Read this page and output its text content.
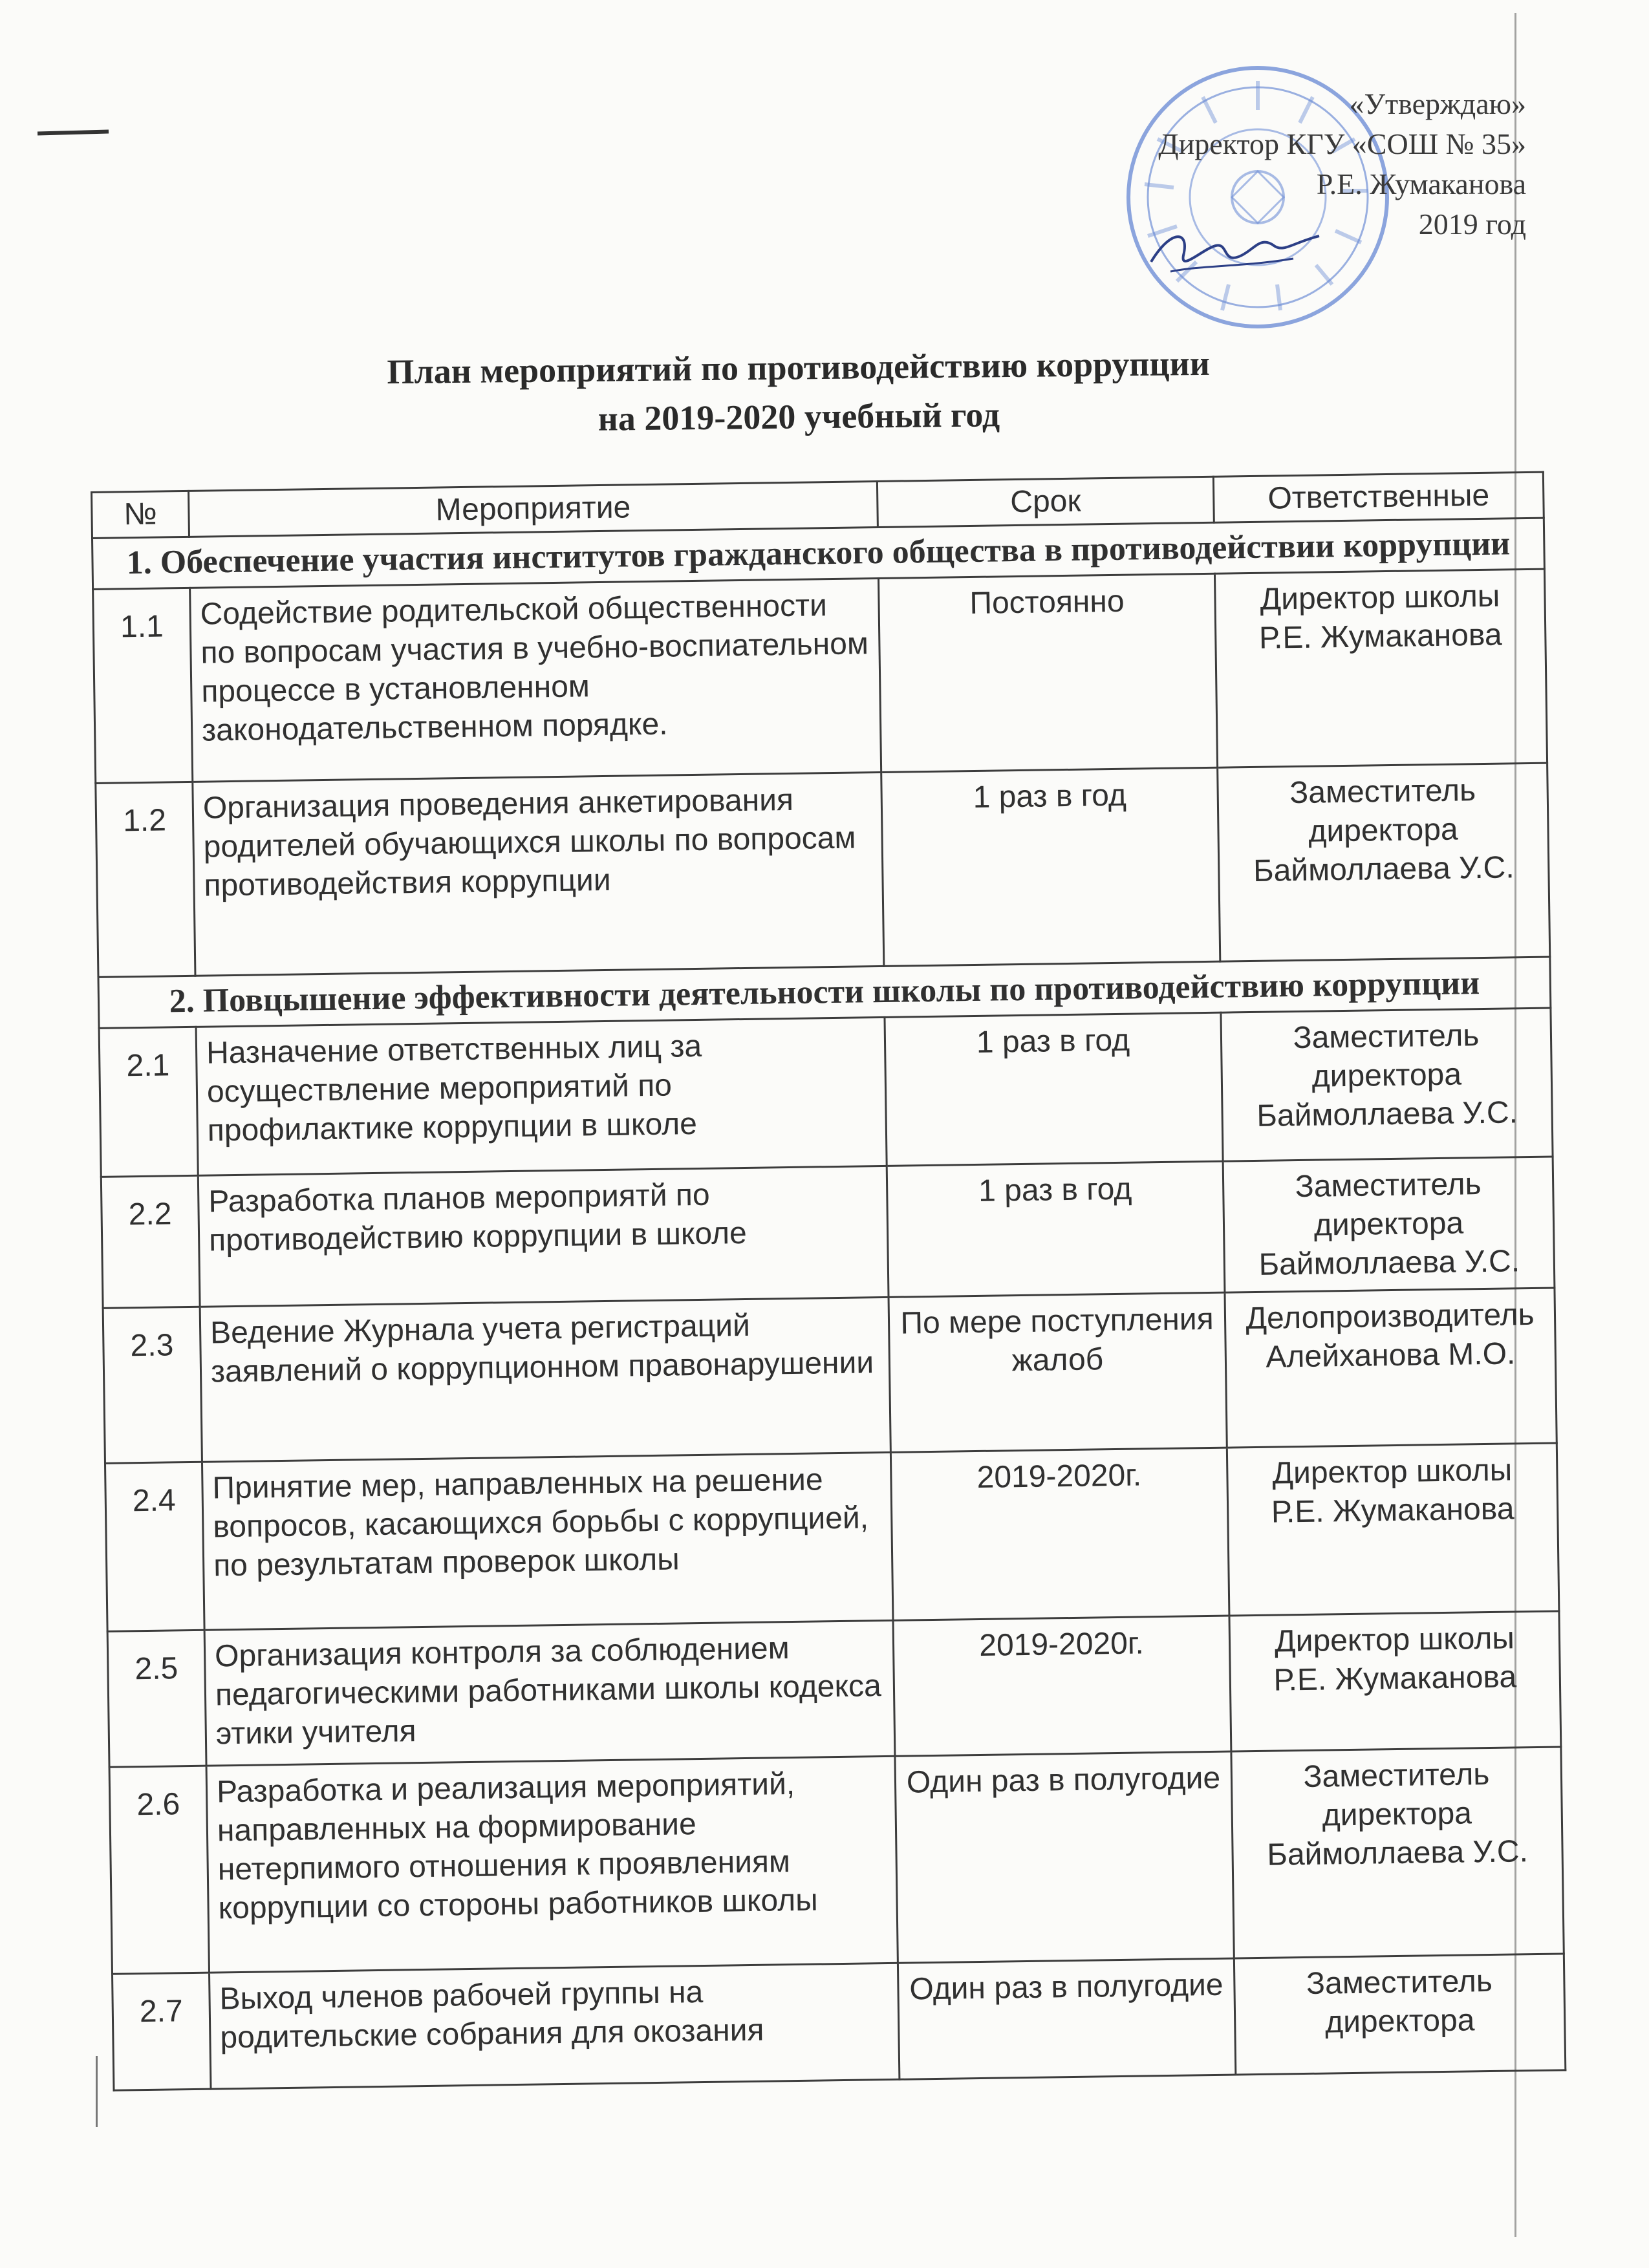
«Утверждаю»
Директор КГУ «СОШ № 35»
Р.Е. Жумаканова
2019 год
План мероприятий по противодействию коррупции
на 2019-2020 учебный год
№	Мероприятие	Срок	Ответственные
1. Обеспечение участия институтов гражданского общества в противодействии коррупции			
1.1	Содействие родительской общественности по вопросам участия в учебно-воспиательном процессе в установленном законодательственном порядке.	Постоянно	Директор школы
Р.Е. Жумаканова

1.2	Организация проведения анкетирования родителей обучающихся школы по вопросам противодействия коррупции	1 раз в год	Заместитель директора
Баймоллаева У.С.

2. Повцышение эффективности деятельности школы по противодействию коррупции			
2.1	Назначение ответственных лиц за осуществление мероприятий по профилактике коррупции в школе	1 раз в год	Заместитель
директора
Баймоллаева У.С.

2.2	Разработка планов мероприятй по противодействию коррупции в школе	1 раз в год	Заместитель
директора
Баймоллаева У.С.

2.3	Ведение Журнала учета регистраций заявлений о коррупционном правонарушении	По мере поступления жалоб	Делопроизводитель
Алейханова М.О.

2.4	Принятие мер, направленных на решение вопросов, касающихся борьбы с коррупцией, по результатам проверок школы	2019-2020г.	Директор школы
Р.Е. Жумаканова

2.5	Организация контроля за соблюдением педагогическими работниками школы кодекса этики учителя	2019-2020г.	Директор школы
Р.Е. Жумаканова

2.6	Разработка и реализация мероприятий, направленных на формирование нетерпимого отношения к проявлениям коррупции со стороны работников школы	Один раз в полугодие	Заместитель
директора
Баймоллаева У.С.

2.7	Выход членов рабочей группы на родительские собрания для окозания	Один раз в полугодие	Заместитель
директора
